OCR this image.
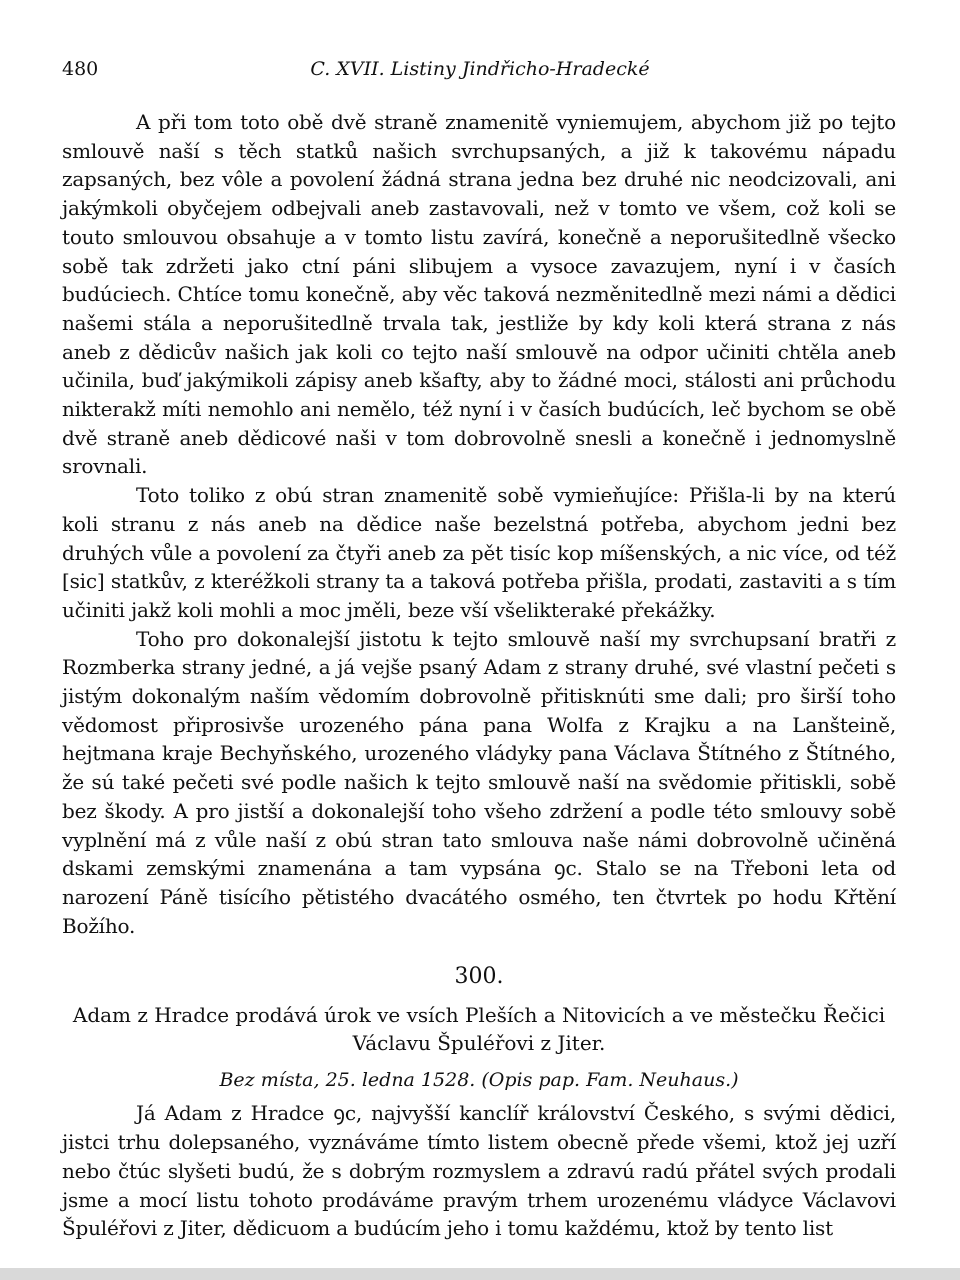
480	C. XVII. Listiny Jindřicho-Hradecké

A při tom toto obě dvě straně znamenitě vyniemujem, abychom již po tejto smlouvě naší s těch statků našich svrchupsaných, a již k takovému nápadu zapsaných, bez vôle a povolení žádná strana jedna bez druhé nic neodcizovali, ani jakýmkoli obyčejem odbejvali aneb zastavovali, než v tomto ve všem, což koli se touto smlouvou obsahuje a v tomto listu zavírá, konečně a neporušitedlně všecko sobě tak zdržeti jako ctní páni slibujem a vysoce zavazujem, nyní i v časích budúciech. Chtíce tomu konečně, aby věc taková nezměnitedlně mezi námi a dědici našemi stála a neporušitedlně trvala tak, jestliže by kdy koli která strana z nás aneb z dědicův našich jak koli co tejto naší smlouvě na odpor učiniti chtěla aneb učinila, buď jakýmikoli zápisy aneb kšafty, aby to žádné moci, stálosti ani průchodu nikterakž míti nemohlo ani nemělo, též nyní i v časích budúcích, leč bychom se obě dvě straně aneb dědicové naši v tom dobrovolně snesli a konečně i jednomyslně srovnali.

Toto toliko z obú stran znamenitě sobě vymieňujíce: Přišla-li by na kterú koli stranu z nás aneb na dědice naše bezelstná potřeba, abychom jedni bez druhých vůle a povolení za čtyři aneb za pět tisíc kop míšenských, a nic více, od též [sic] statkův, z kteréžkoli strany ta a taková potřeba přišla, prodati, zastaviti a s tím učiniti jakž koli mohli a moc jměli, beze vší všelikteraké překážky.

Toho pro dokonalejší jistotu k tejto smlouvě naší my svrchupsaní bratři z Rozmberka strany jedné, a já vejše psaný Adam z strany druhé, své vlastní pečeti s jistým dokonalým naším vědomím dobrovolně přitisknúti sme dali; pro širší toho vědomost připrosivše urozeného pána pana Wolfa z Krajku a na Lanšteině, hejtmana kraje Bechyňského, urozeného vládyky pana Václava Štítného z Štítného, že sú také pečeti své podle našich k tejto smlouvě naší na svědomie přitiskli, sobě bez škody. A pro jistší a dokonalejší toho všeho zdržení a podle této smlouvy sobě vyplnění má z vůle naší z obú stran tato smlouva naše námi dobrovolně učiněná dskami zemskými znamenána a tam vypsána ꝯc. Stalo se na Třeboni leta od narození Páně tisícího pětistého dvacátého osmého, ten čtvrtek po hodu Křtění Božího.

300.
Adam z Hradce prodává úrok ve vsích Pleších a Nitovicích a ve městečku Řečici Václavu Špuléřovi z Jiter.
Bez místa, 25. ledna 1528. (Opis pap. Fam. Neuhaus.)

Já Adam z Hradce ꝯc, najvyšší kanclíř království Českého, s svými dědici, jistci trhu dolepsaného, vyznáváme tímto listem obecně přede všemi, ktož jej uzří nebo čtúc slyšeti budú, že s dobrým rozmyslem a zdravú radú přátel svých prodali jsme a mocí listu tohoto prodáváme pravým trhem urozenému vládyce Václavovi Špuléřovi z Jiter, dědicuom a budúcím jeho i tomu každému, ktož by tento list
